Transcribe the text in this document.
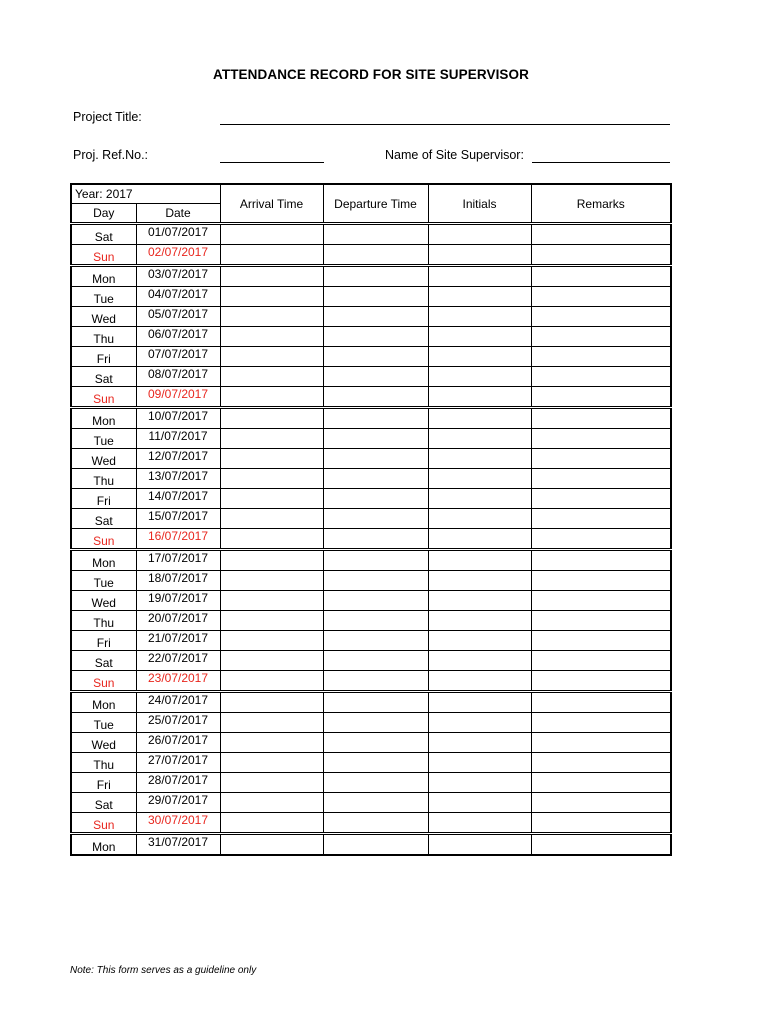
ATTENDANCE RECORD FOR SITE SUPERVISOR
Project Title:
Proj. Ref.No.:	Name of Site Supervisor:
Year: 2017		Arrival Time	Departure Time	Initials	Remarks
Day	Date				
Sat	01/07/2017				
Sun	02/07/2017				
Mon	03/07/2017				
Tue	04/07/2017				
Wed	05/07/2017				
Thu	06/07/2017				
Fri	07/07/2017				
Sat	08/07/2017				
Sun	09/07/2017				
Mon	10/07/2017				
Tue	11/07/2017				
Wed	12/07/2017				
Thu	13/07/2017				
Fri	14/07/2017				
Sat	15/07/2017				
Sun	16/07/2017				
Mon	17/07/2017				
Tue	18/07/2017				
Wed	19/07/2017				
Thu	20/07/2017				
Fri	21/07/2017				
Sat	22/07/2017				
Sun	23/07/2017				
Mon	24/07/2017				
Tue	25/07/2017				
Wed	26/07/2017				
Thu	27/07/2017				
Fri	28/07/2017				
Sat	29/07/2017				
Sun	30/07/2017				
Mon	31/07/2017				
Note: This form serves as a guideline only
